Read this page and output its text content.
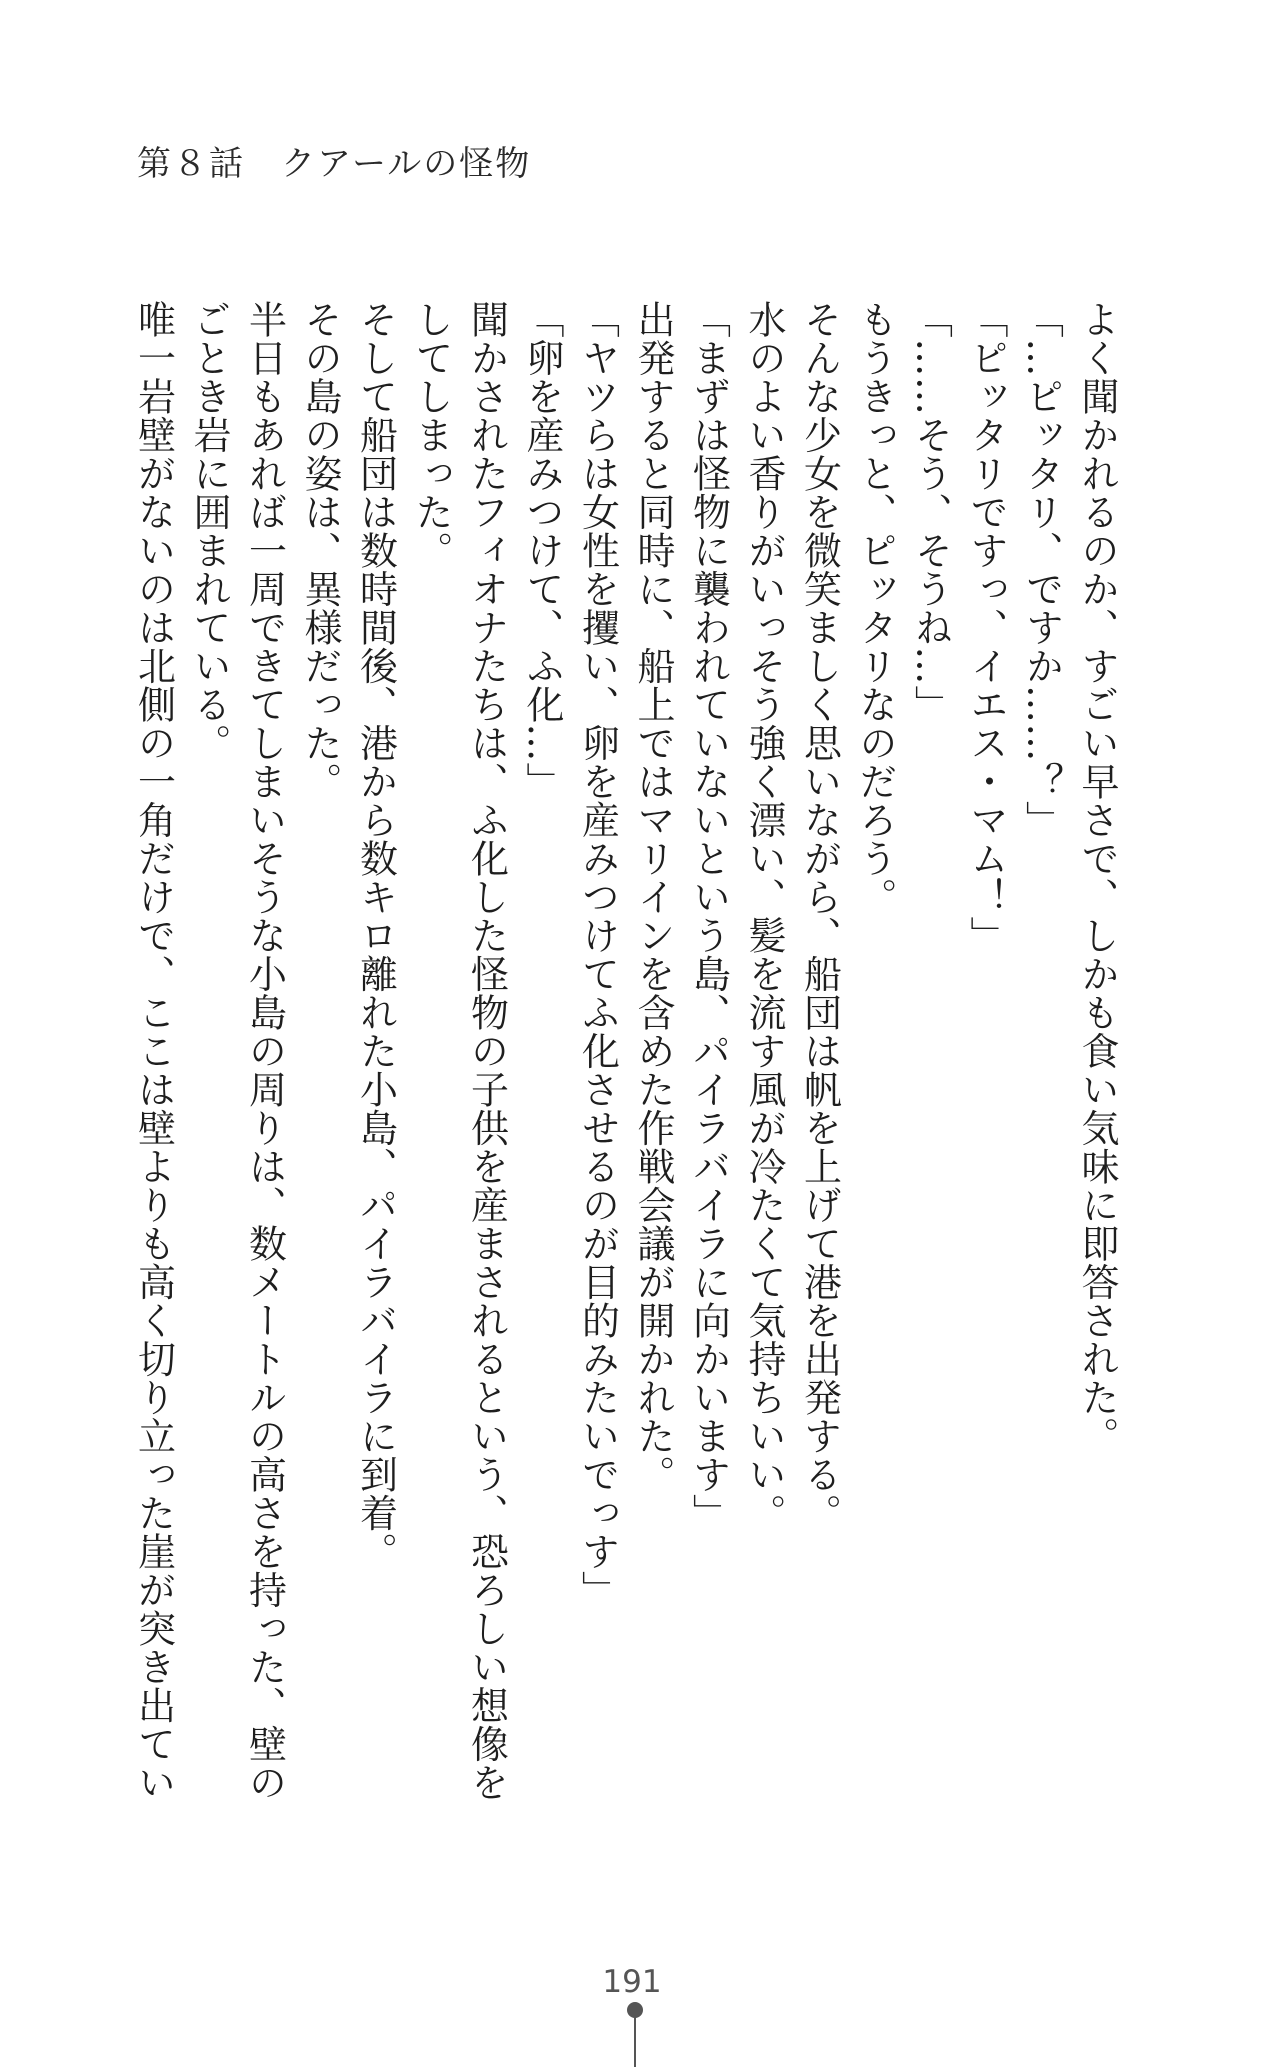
第８話　クアールの怪物

よく聞かれるのか、すごい早さで、しかも食い気味に即答された。

「…ピッタリ、ですか……？」

「ピッタリですっ、イエス・マム！」

「……そう、そうね…」

もうきっと、ピッタリなのだろう。

そんな少女を微笑ましく思いながら、船団は帆を上げて港を出発する。

水のよい香りがいっそう強く漂い、髪を流す風が冷たくて気持ちいい。

「まずは怪物に襲われていないという島、パイラバイラに向かいます」

出発すると同時に、船上ではマリインを含めた作戦会議が開かれた。

「ヤツらは女性を攫い、卵を産みつけてふ化させるのが目的みたいでっす」

「卵を産みつけて、ふ化…」

聞かされたフィオナたちは、ふ化した怪物の子供を産まされるという、恐ろしい想像を

してしまった。

そして船団は数時間後、港から数キロ離れた小島、パイラバイラに到着。

その島の姿は、異様だった。

半日もあれば一周できてしまいそうな小島の周りは、数メートルの高さを持った、壁の

ごとき岩に囲まれている。

唯一岩壁がないのは北側の一角だけで、ここは壁よりも高く切り立った崖が突き出てい

191
